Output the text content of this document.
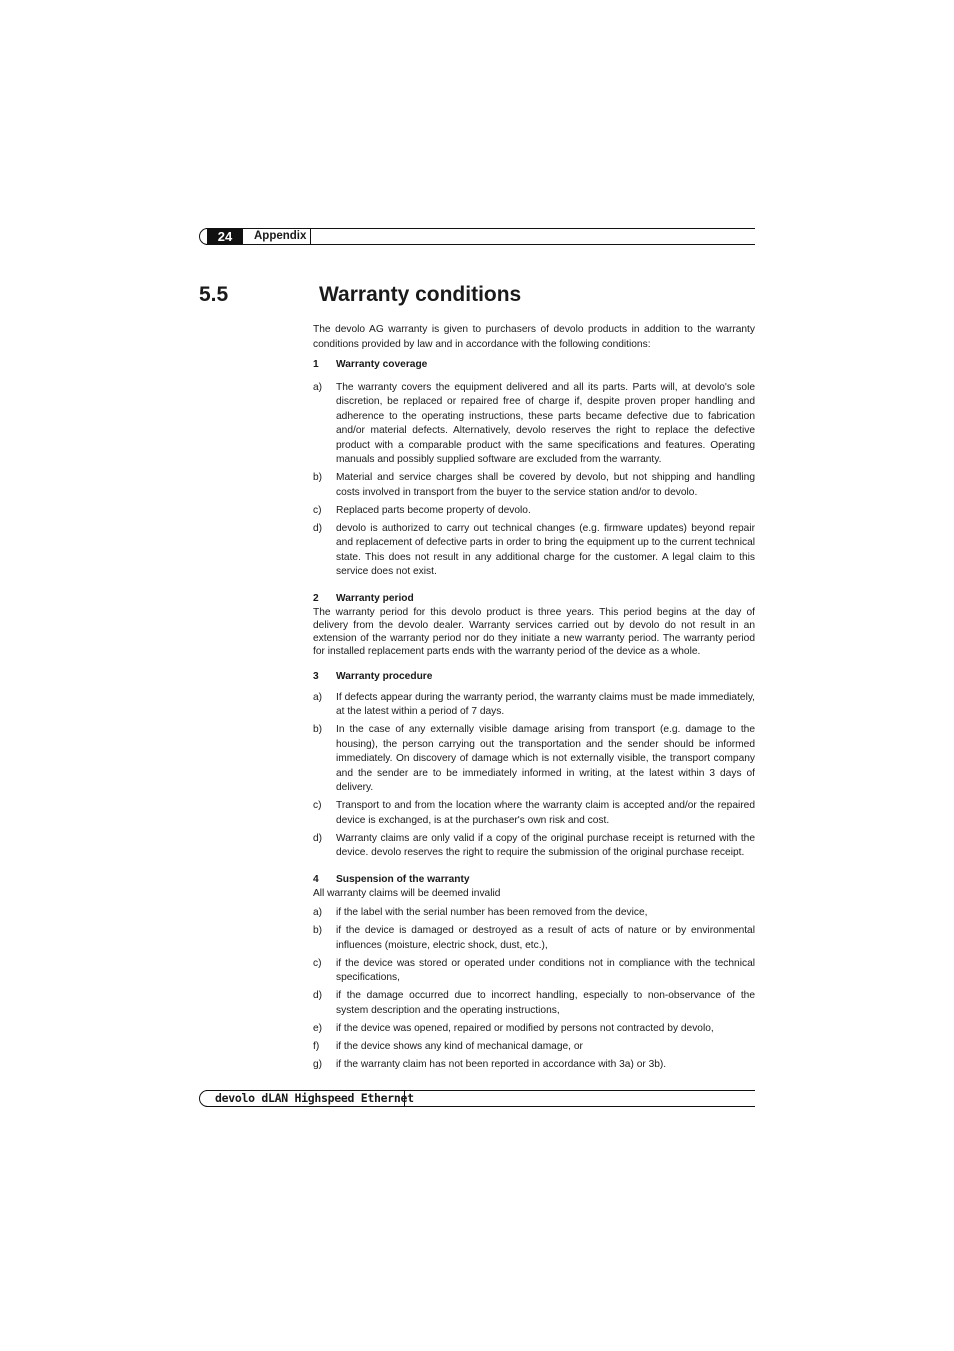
24	Appendix
5.5	Warranty conditions

The devolo AG warranty is given to purchasers of devolo products in addition to the warranty conditions provided by law and in accordance with the following conditions:

1	Warranty coverage
a)	The warranty covers the equipment delivered and all its parts. Parts will, at devolo's sole discretion, be replaced or repaired free of charge if, despite proven proper handling and adherence to the operating instructions, these parts became defective due to fabrication and/or material defects. Alternatively, devolo reserves the right to replace the defective product with a comparable product with the same specifications and features. Operating manuals and possibly supplied software are excluded from the warranty.
b)	Material and service charges shall be covered by devolo, but not shipping and handling costs involved in transport from the buyer to the service station and/or to devolo.
c)	Replaced parts become property of devolo.
d)	devolo is authorized to carry out technical changes (e.g. firmware updates) beyond repair and replacement of defective parts in order to bring the equipment up to the current technical state. This does not result in any additional charge for the customer. A legal claim to this service does not exist.
2	Warranty period

The warranty period for this devolo product is three years. This period begins at the day of delivery from the devolo dealer. Warranty services carried out by devolo do not result in an extension of the warranty period nor do they initiate a new warranty period. The warranty period for installed replacement parts ends with the warranty period of the device as a whole.

3	Warranty procedure
a)	If defects appear during the warranty period, the warranty claims must be made immediately, at the latest within a period of 7 days.
b)	In the case of any externally visible damage arising from transport (e.g. damage to the housing), the person carrying out the transportation and the sender should be informed immediately. On discovery of damage which is not externally visible, the transport company and the sender are to be immediately informed in writing, at the latest within 3 days of delivery.
c)	Transport to and from the location where the warranty claim is accepted and/or the repaired device is exchanged, is at the purchaser's own risk and cost.
d)	Warranty claims are only valid if a copy of the original purchase receipt is returned with the device. devolo reserves the right to require the submission of the original purchase receipt.
4	Suspension of the warranty

All warranty claims will be deemed invalid

a)	if the label with the serial number has been removed from the device,
b)	if the device is damaged or destroyed as a result of acts of nature or by environmental influences (moisture, electric shock, dust, etc.),
c)	if the device was stored or operated under conditions not in compliance with the technical specifications,
d)	if the damage occurred due to incorrect handling, especially to non-observance of the system description and the operating instructions,
e)	if the device was opened, repaired or modified by persons not contracted by devolo,
f)	if the device shows any kind of mechanical damage, or
g)	if the warranty claim has not been reported in accordance with 3a) or 3b).
devolo dLAN Highspeed Ethernet
